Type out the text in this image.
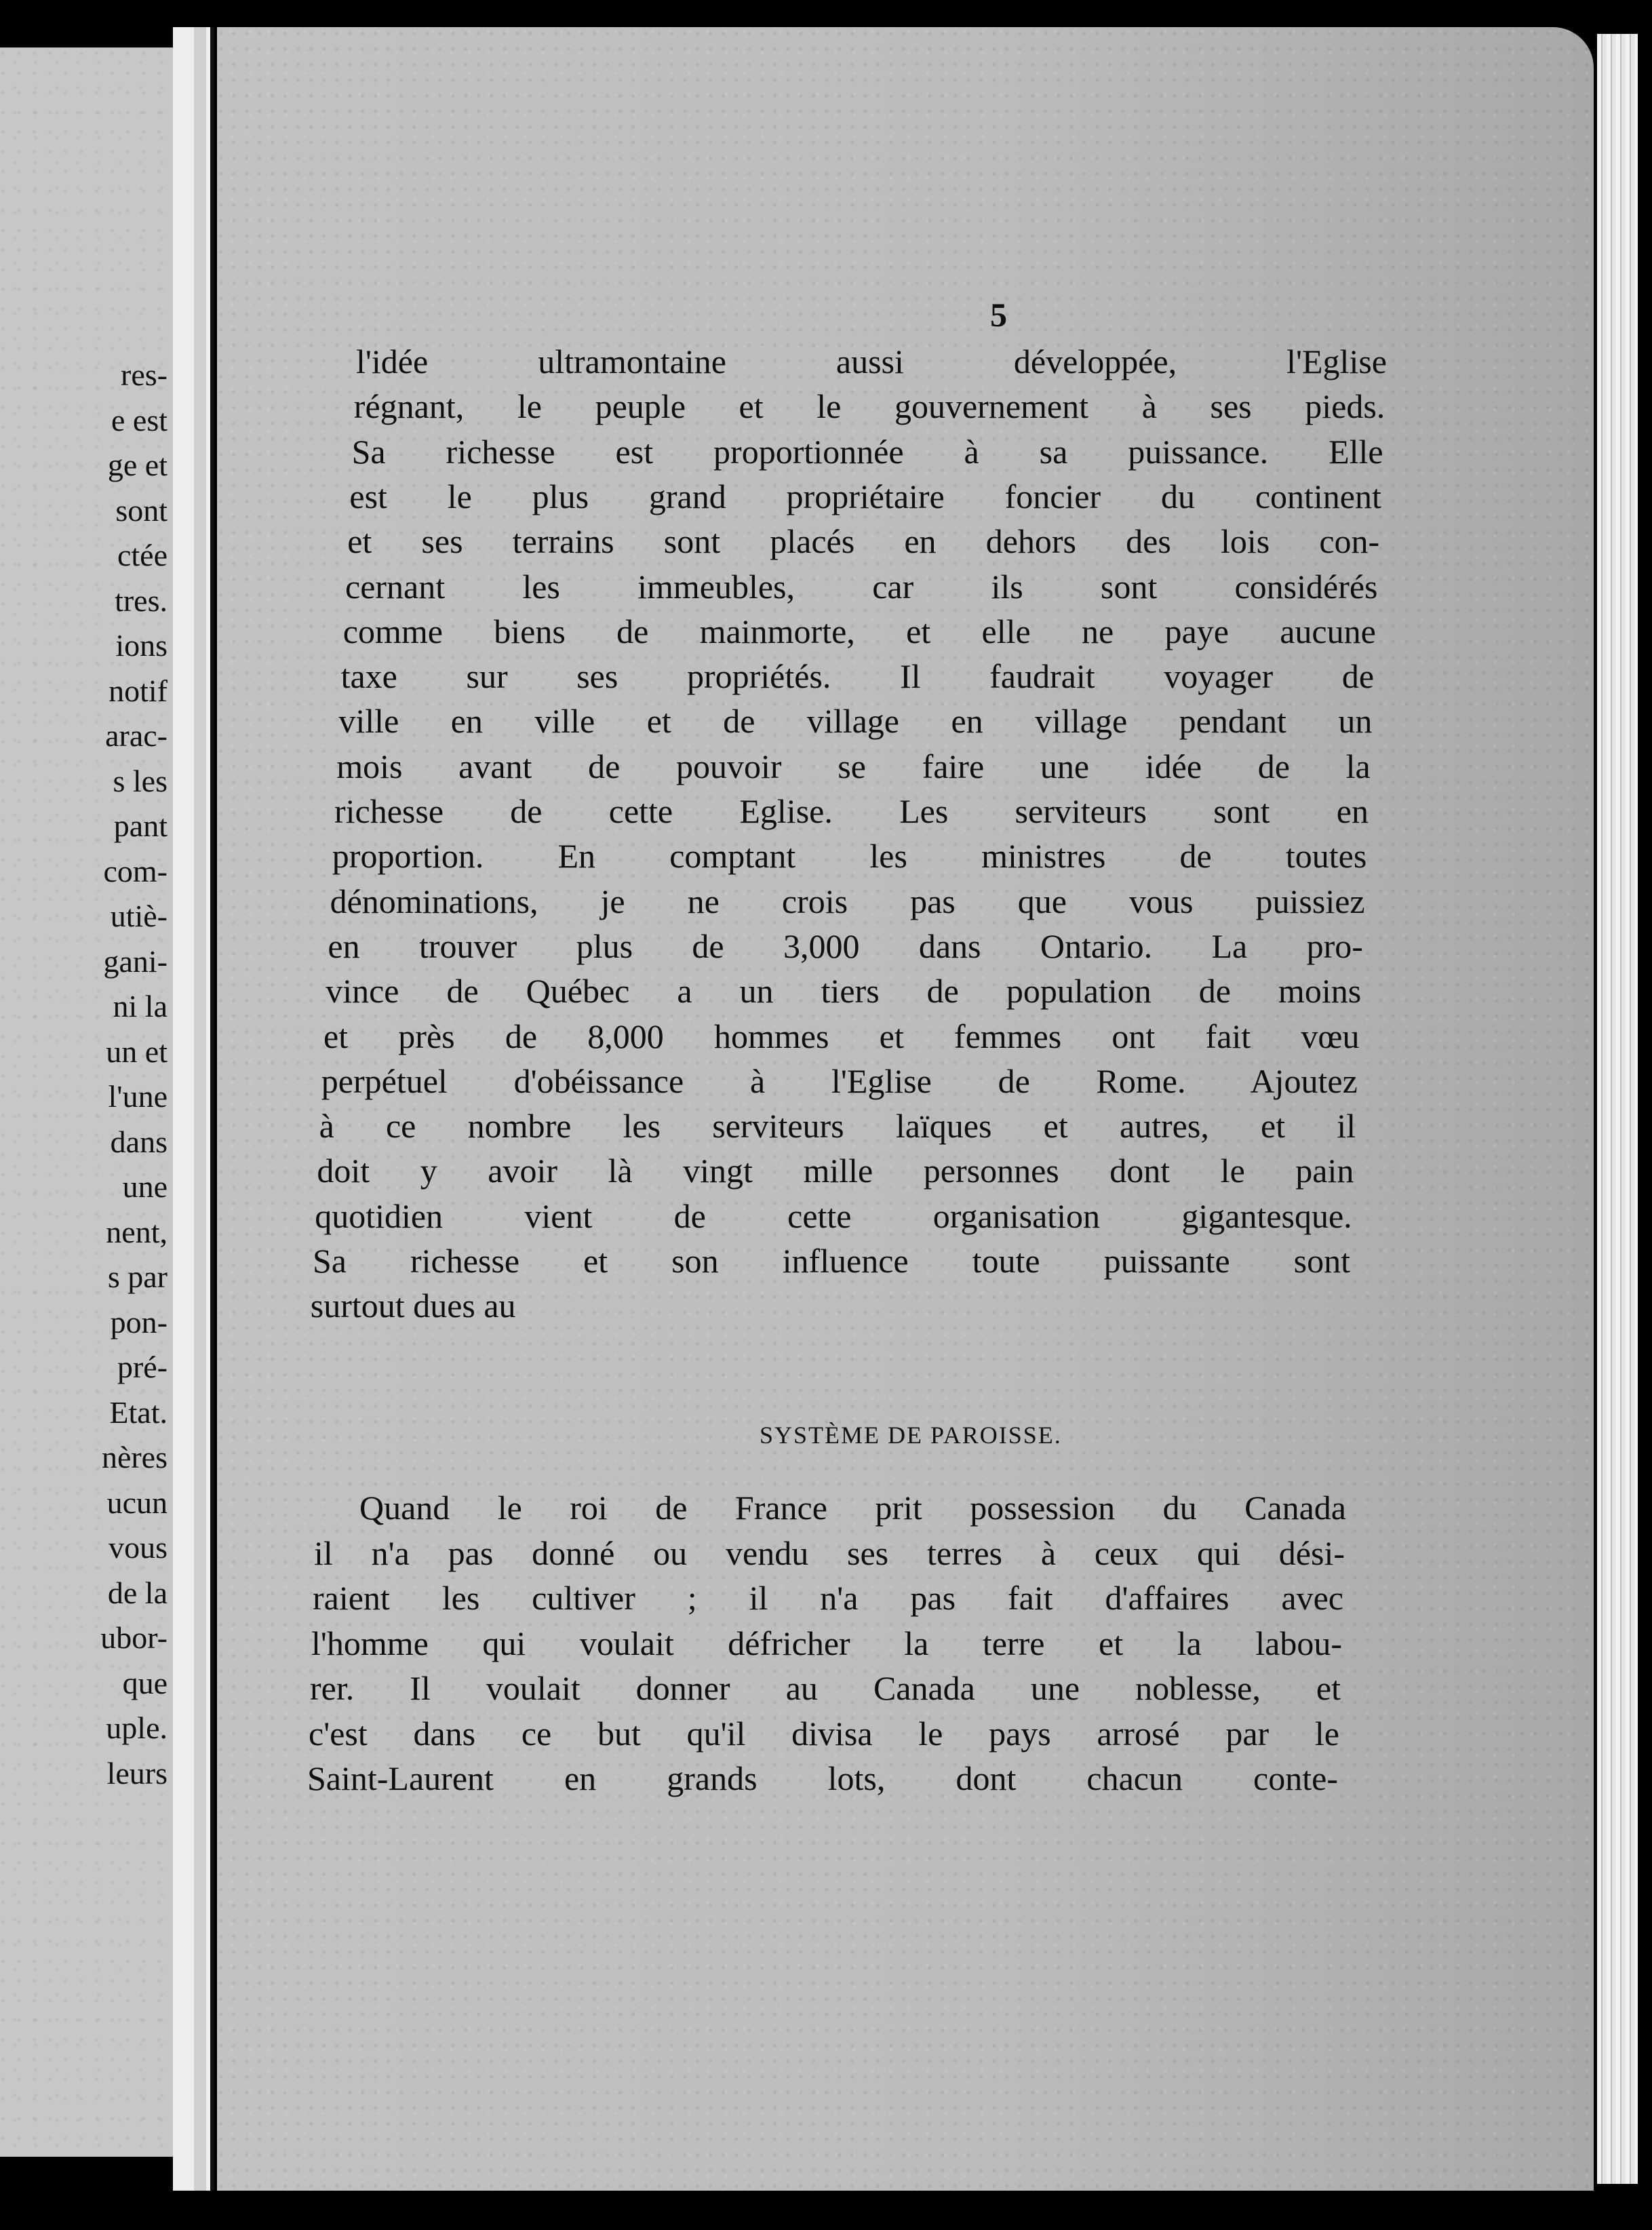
res-

e est

ge et

sont

ctée

tres.

ions

notif

arac-

s les

pant

com-

utiè-

gani-

ni la

un et

l'une

dans

une

nent,

s par

pon-

pré-

Etat.

nères

ucun

vous

de la

ubor-

que

uple.

leurs

5

l'idée ultramontaine aussi développée, l'Eglise

régnant, le peuple et le gouvernement à ses pieds.

Sa richesse est proportionnée à sa puissance. Elle

est le plus grand propriétaire foncier du continent

et ses terrains sont placés en dehors des lois con-

cernant les immeubles, car ils sont considérés

comme biens de mainmorte, et elle ne paye aucune

taxe sur ses propriétés. Il faudrait voyager de

ville en ville et de village en village pendant un

mois avant de pouvoir se faire une idée de la

richesse de cette Eglise. Les serviteurs sont en

proportion. En comptant les ministres de toutes

dénominations, je ne crois pas que vous puissiez

en trouver plus de 3,000 dans Ontario. La pro-

vince de Québec a un tiers de population de moins

et près de 8,000 hommes et femmes ont fait vœu

perpétuel d'obéissance à l'Eglise de Rome. Ajoutez

à ce nombre les serviteurs laïques et autres, et il

doit y avoir là vingt mille personnes dont le pain

quotidien vient de cette organisation gigantesque.

Sa richesse et son influence toute puissante sont

surtout dues au

Quand le roi de France prit possession du Canada

il n'a pas donné ou vendu ses terres à ceux qui dési-

raient les cultiver ; il n'a pas fait d'affaires avec

l'homme qui voulait défricher la terre et la labou-

rer. Il voulait donner au Canada une noblesse, et

c'est dans ce but qu'il divisa le pays arrosé par le

Saint-Laurent en grands lots, dont chacun conte-

SYSTÈME DE PAROISSE.
